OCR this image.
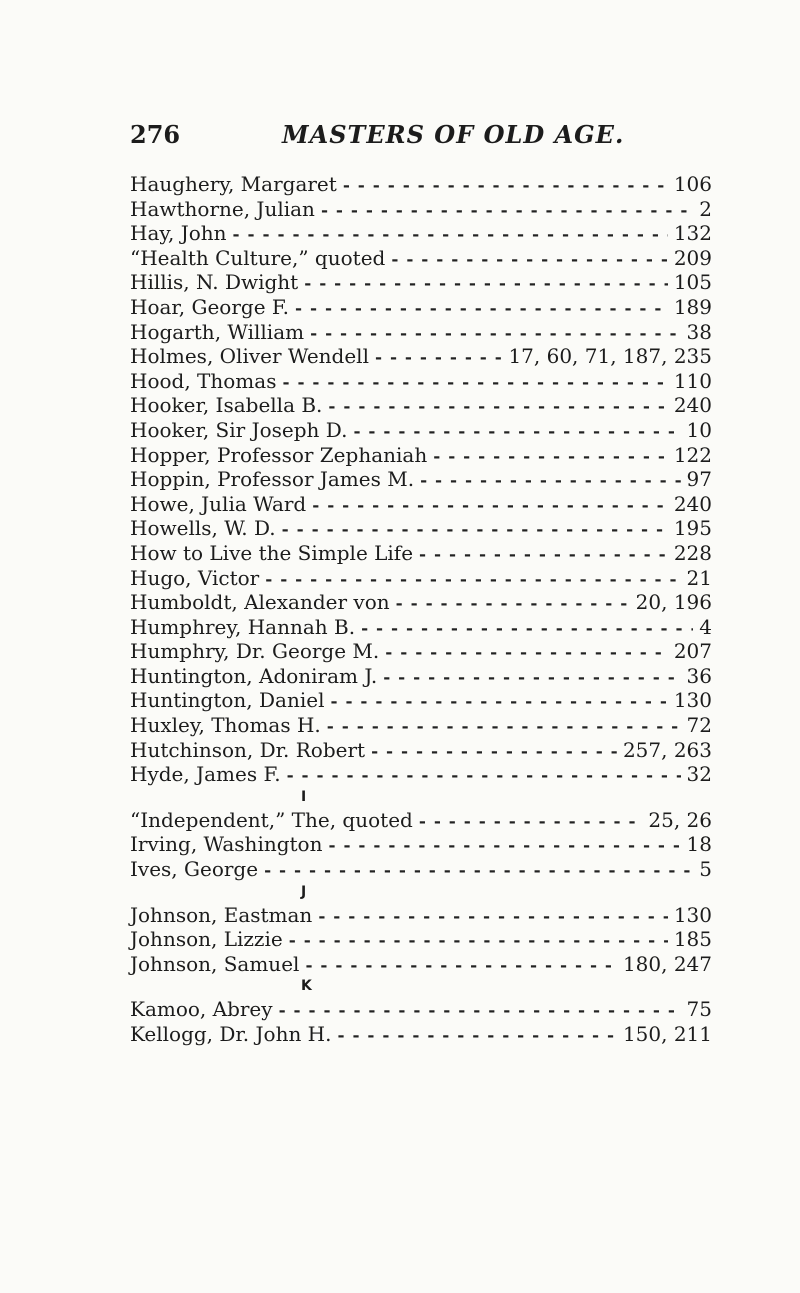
276	MASTERS OF OLD AGE.
Haughery, Margaret - - -	106
Hawthorne, Julian - - -	2
Hay, John - - -	132
“Health Culture,” quoted - - -	209
Hillis, N. Dwight - - -	105
Hoar, George F. - - -	189
Hogarth, William - - -	38
Holmes, Oliver Wendell - - -	17, 60, 71, 187, 235
Hood, Thomas - - -	110
Hooker, Isabella B. - - -	240
Hooker, Sir Joseph D. - - -	10
Hopper, Professor Zephaniah - - -	122
Hoppin, Professor James M. - - -	97
Howe, Julia Ward - - -	240
Howells, W. D. - - -	195
How to Live the Simple Life - - -	228
Hugo, Victor - - -	21
Humboldt, Alexander von - - -	20, 196
Humphrey, Hannah B. - - -	4
Humphry, Dr. George M. - - -	207
Huntington, Adoniram J. - - -	36
Huntington, Daniel - - -	130
Huxley, Thomas H. - - -	72
Hutchinson, Dr. Robert - - -	257, 263
Hyde, James F. - - -	32
I
“Independent,” The, quoted - - -	25, 26
Irving, Washington - - -	18
Ives, George - - -	5
J
Johnson, Eastman - - -	130
Johnson, Lizzie - - -	185
Johnson, Samuel - - -	180, 247
K
Kamoo, Abrey - - -	75
Kellogg, Dr. John H. - - -	150, 211
